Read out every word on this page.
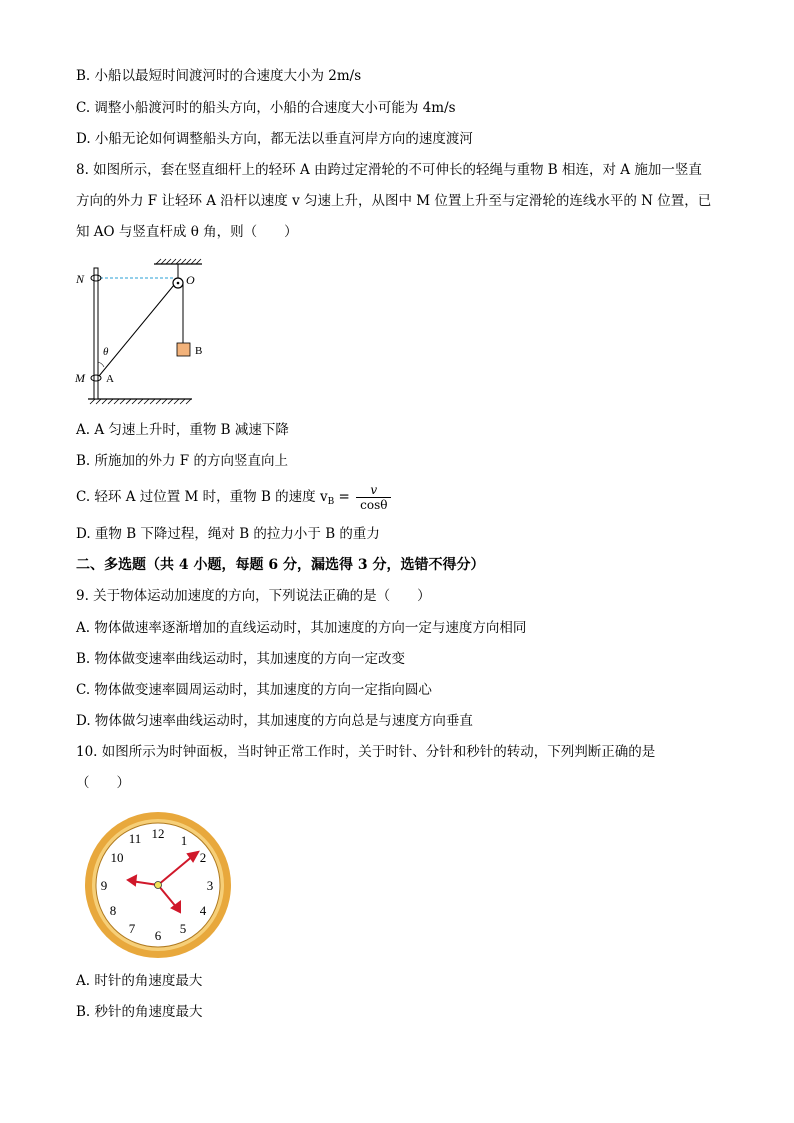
B. 小船以最短时间渡河时的合速度大小为 2m/s
C. 调整小船渡河时的船头方向，小船的合速度大小可能为 4m/s
D. 小船无论如何调整船头方向，都无法以垂直河岸方向的速度渡河
8. 如图所示，套在竖直细杆上的轻环 A 由跨过定滑轮的不可伸长的轻绳与重物 B 相连，对 A 施加一竖直
方向的外力 F 让轻环 A 沿杆以速度 v 匀速上升，从图中 M 位置上升至与定滑轮的连线水平的 N 位置，已
知 AO 与竖直杆成 θ 角，则（　　）
N	O
B
θ
M A
A. A 匀速上升时，重物 B 减速下降
B. 所施加的外力 F 的方向竖直向上
C. 轻环 A 过位置 M 时，重物 B 的速度 $v_B = \frac{v}{\cos\theta}$
D. 重物 B 下降过程，绳对 B 的拉力小于 B 的重力
二、多选题（共 4 小题，每题 6 分，漏选得 3 分，选错不得分）
9. 关于物体运动加速度的方向，下列说法正确的是（　　）
A. 物体做速率逐渐增加的直线运动时，其加速度的方向一定与速度方向相同
B. 物体做变速率曲线运动时，其加速度的方向一定改变
C. 物体做变速率圆周运动时，其加速度的方向一定指向圆心
D. 物体做匀速率曲线运动时，其加速度的方向总是与速度方向垂直
10. 如图所示为时钟面板，当时钟正常工作时，关于时针、分针和秒针的转动，下列判断正确的是
（　　）
12 1
2
3
4
5
6
7
8
9
10
11
A. 时针的角速度最大
B. 秒针的角速度最大
